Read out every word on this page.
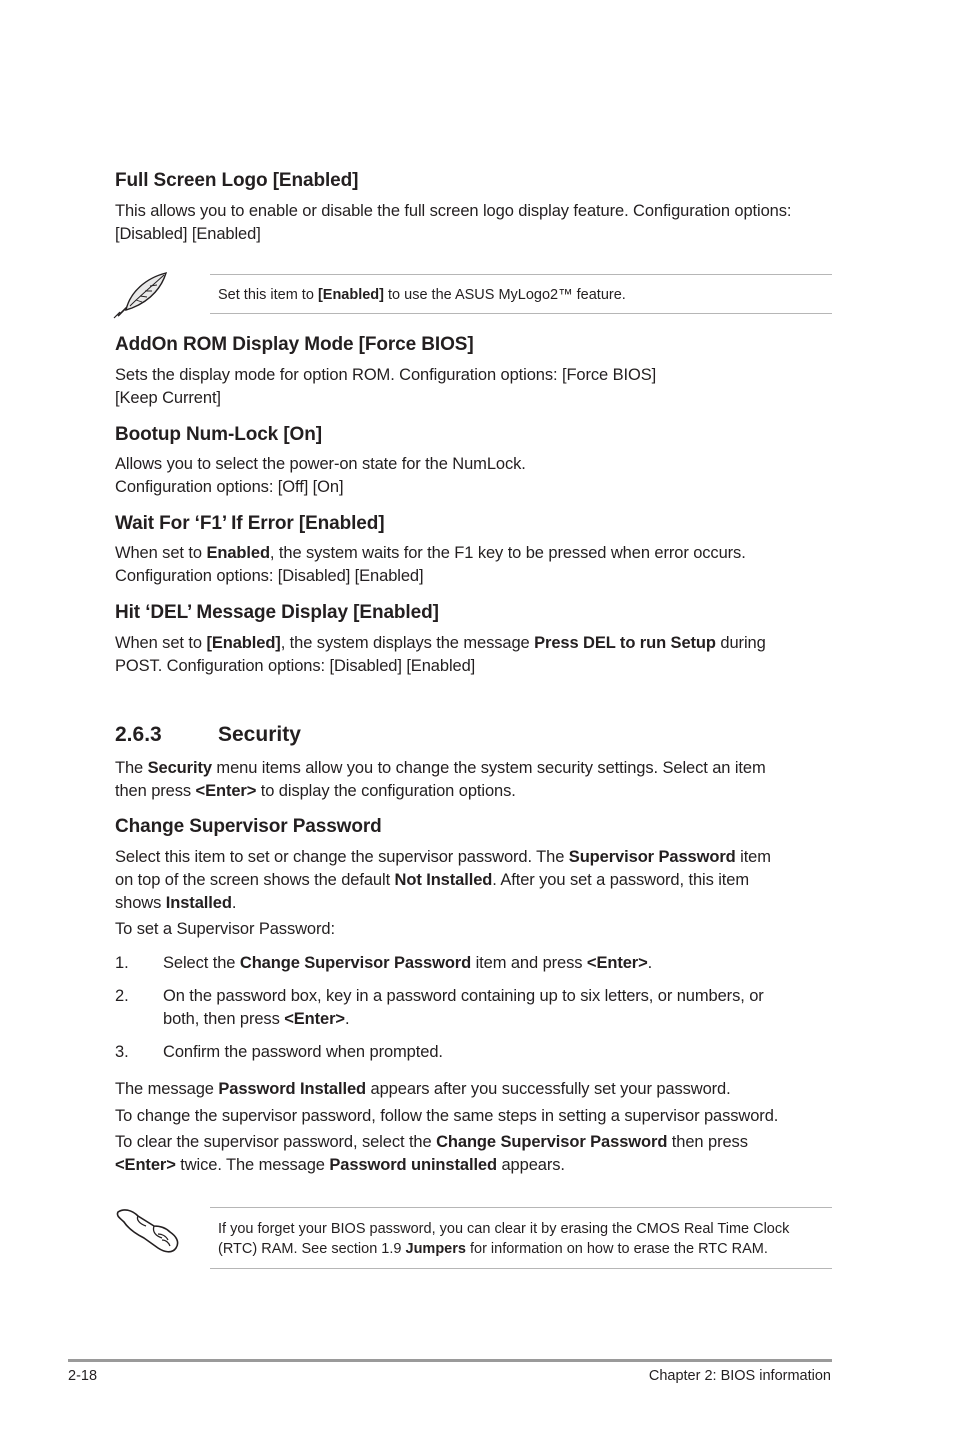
Full Screen Logo [Enabled]
This allows you to enable or disable the full screen logo display feature. Configuration options:
[Disabled] [Enabled]
Set this item to [Enabled] to use the ASUS MyLogo2™ feature.
AddOn ROM Display Mode [Force BIOS]
Sets the display mode for option ROM. Configuration options: [Force BIOS]
[Keep Current]
Bootup Num-Lock [On]
Allows you to select the power-on state for the NumLock.
Configuration options: [Off] [On]
Wait For ‘F1’ If Error [Enabled]
When set to Enabled, the system waits for the F1 key to be pressed when error occurs.
Configuration options: [Disabled] [Enabled]
Hit ‘DEL’ Message Display [Enabled]
When set to [Enabled], the system displays the message Press DEL to run Setup during
POST. Configuration options: [Disabled] [Enabled]
2.6.3	Security
The Security menu items allow you to change the system security settings. Select an item
then press <Enter> to display the configuration options.
Change Supervisor Password
Select this item to set or change the supervisor password. The Supervisor Password item
on top of the screen shows the default Not Installed. After you set a password, this item
shows Installed.
To set a Supervisor Password:
1. Select the Change Supervisor Password item and press <Enter>.
2. On the password box, key in a password containing up to six letters, or numbers, or
both, then press <Enter>.
3. Confirm the password when prompted.
The message Password Installed appears after you successfully set your password.
To change the supervisor password, follow the same steps in setting a supervisor password.
To clear the supervisor password, select the Change Supervisor Password then press
<Enter> twice. The message Password uninstalled appears.
If you forget your BIOS password, you can clear it by erasing the CMOS Real Time Clock
(RTC) RAM. See section 1.9 Jumpers for information on how to erase the RTC RAM.
2-18	Chapter 2: BIOS information
